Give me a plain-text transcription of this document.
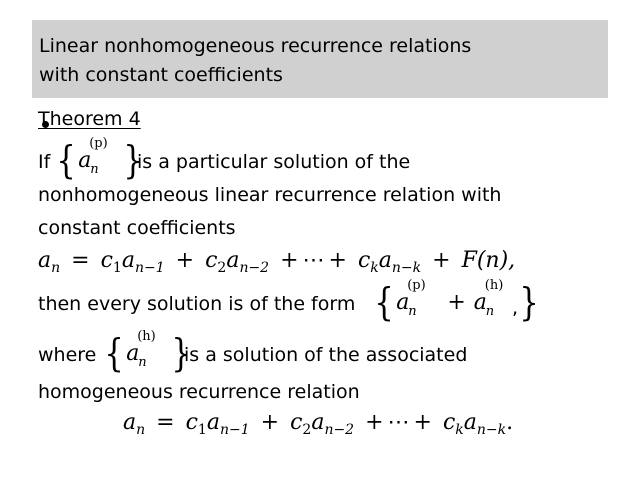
Linear nonhomogeneous recurrence relations
with constant coefficients
Theorem 4
If { a
(p)
n }
is a particular solution of the
nonhomogeneous linear recurrence relation with
constant coefficients
$a_n = c_1a_{n-1} + c_2a_{n-2}$ + ⋯ + $c_ka_{n-k} + F(n)$,
then every solution is of the form { a
(p)
n	+ a
(h)
n }
,
where { a
(h)
n }
is a solution of the associated
homogeneous recurrence relation
$a_n = c_1a_{n-1} + c_2a_{n-2}$ + ⋯ + $c_ka_{n-k}$.
